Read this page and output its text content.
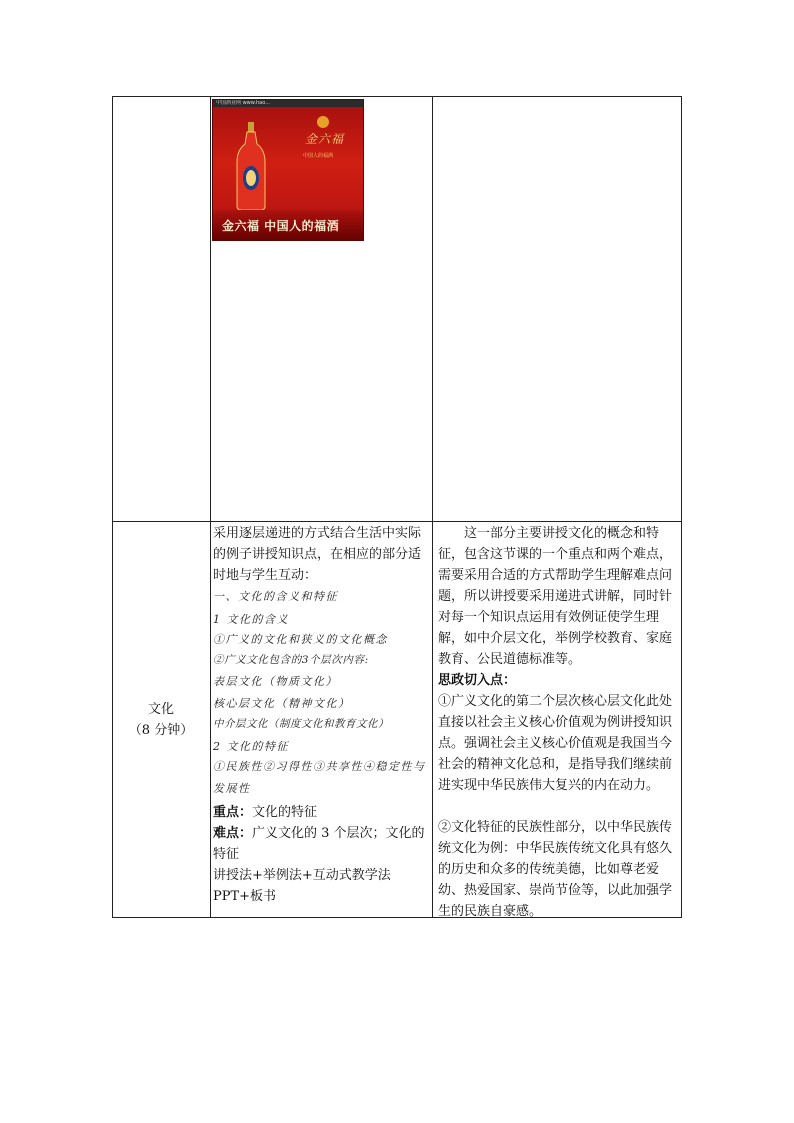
中国酒业网 www.hao...
金六福
中国人的福酒
金六福 中国人的福酒
文化
（8 分钟）
采用逐层递进的方式结合生活中实际的例子讲授知识点，在相应的部分适时地与学生互动：
一、文化的含义和特征
1 文化的含义
①广义的文化和狭义的文化概念
②广义文化包含的3个层次内容:
表层文化（物质文化）
核心层文化（精神文化）
中介层文化（制度文化和教育文化）
2 文化的特征
①民族性②习得性③共享性④稳定性与发展性
重点：文化的特征
难点：广义文化的 3 个层次；文化的特征
讲授法+举例法+互动式教学法
PPT+板书
这一部分主要讲授文化的概念和特征，包含这节课的一个重点和两个难点，需要采用合适的方式帮助学生理解难点问题，所以讲授要采用递进式讲解，同时针对每一个知识点运用有效例证使学生理解，如中介层文化，举例学校教育、家庭教育、公民道德标准等。
思政切入点：
①广义文化的第二个层次核心层文化此处直接以社会主义核心价值观为例讲授知识点。强调社会主义核心价值观是我国当今社会的精神文化总和，是指导我们继续前进实现中华民族伟大复兴的内在动力。
②文化特征的民族性部分，以中华民族传统文化为例：中华民族传统文化具有悠久的历史和众多的传统美德，比如尊老爱幼、热爱国家、崇尚节俭等，以此加强学生的民族自豪感。
